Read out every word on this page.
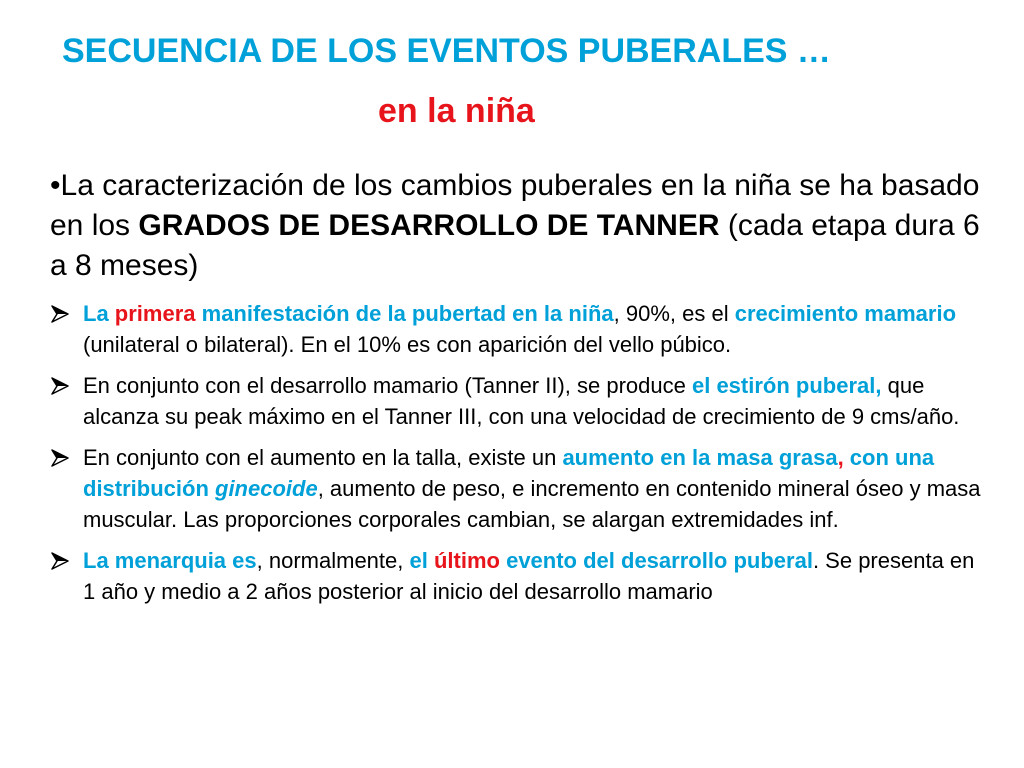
SECUENCIA DE LOS EVENTOS PUBERALES …
en la niña
•La caracterización de los cambios puberales en la niña se ha basado en los GRADOS DE DESARROLLO DE TANNER (cada etapa dura 6 a 8 meses)
La primera manifestación de la pubertad en la niña, 90%, es el crecimiento mamario (unilateral o bilateral). En el 10% es con aparición del vello púbico.
En conjunto con el desarrollo mamario (Tanner II), se produce el estirón puberal, que alcanza su peak máximo en el Tanner III, con una velocidad de crecimiento de 9 cms/año.
En conjunto con el aumento en la talla, existe un aumento en la masa grasa, con una distribución ginecoide, aumento de peso, e incremento en contenido mineral óseo y masa muscular. Las proporciones corporales cambian, se alargan extremidades inf.
La menarquia es, normalmente, el último evento del desarrollo puberal. Se presenta en 1 año y medio a 2 años posterior al inicio del desarrollo mamario
